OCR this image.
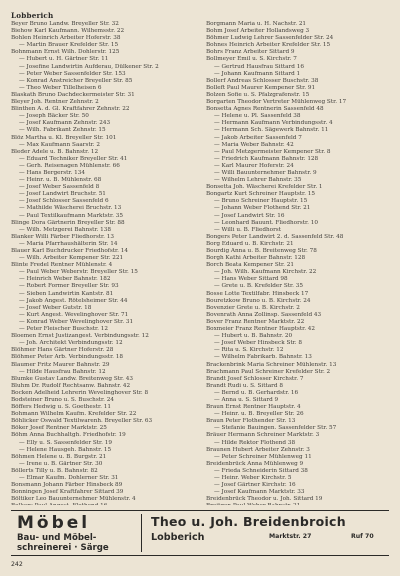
Lobberich
Beyer Bruno Landw. Breyeller Str. 32
Biehow Karl Kaufmann. Wilhemsstr. 22
Bohlen Heinrich Arbeiter Hoferstr. 38
— Martin Brauer Krefelder Str. 15
Bohnmann Ernst Wilh. Dohlerstr. 125
— Hubert u. H. Gärtner Str. 11
— Josefine Landwirtin Aufderau, Dülkener Str. 2
— Peter Weber Sassenfelder Str. 153
— Konrad Anstreicher Breyeller Str. 85
— Theo Weber Tillelheisen 6
Blaskath Bruno Dachdeckermeister Str. 31
Bleyer Joh. Rentner Zehnstr. 2
Blinthen A. d. Gl. Kraftfahrer Zehnstr. 22
— Joseph Bäcker Str. 50
— Josef Kaufmann Zehnstr. 243
— Wilh. Fabrikant Zehnstr. 15
Blöz Martha u. Kl. Breyeller Str. 101
— Max Kaufmann Saarstr. 2
Bleder Adele u. B. Bahnstr. 12
— Eduard Techniker Breyeller Str. 41
— Gerh. Reisenagen Mühlenstr. 66
— Hans Bergerstr. 134
— Heinr. u. B. Mühlenstr. 68
— Josef Weber Sassenfeld 8
— Josef Landwirt Bruchstr. 51
— Josef Schlosser Sassenfeld 6
— Mathilde Wäscherei Bruchstr. 13
— Paul Textilkaufmann Marktstr. 35
Blinge Dora Gärtnerin Breyeller Str. 88
— Wilh. Metzgerei Bahnstr. 138
Blanker Willi Färber Fliedhorstr. 13
— Maria Pfarrhaushälterin Str. 14
Blauer Karl Buchdrucker Friedhofstr. 14
— Wilh. Arbeiter Kempener Str. 221
Blinte Fredel Rentner Mühlenstr. 4
— Paul Weber Weberstr. Breyeller Str. 15
— Heinrich Weber Bahnstr. 182
— Robert Former Breyeller Str. 93
— Sieben Landwirtin Kantstr. 81
— Jakob Angest. Rötelsheimer Str. 44
— Josef Weber Gutstr. 18
— Kurt Angest. Wevelinghover Str. 71
— Konrad Weber Wevelinghover Str. 31
— Peter Fleischer Buschstr. 12
Bloemen Ernst Justizangest. Verbindungsstr. 12
— Joh. Architekt Verbindungsstr. 12
Blöhmer Hans Gärtner Hoferstr. 28
Blöhmer Peter Arb. Verbindungsstr. 18
Blaumer Fritz Maurer Bahnstr. 29
— Hilde Hausfrau Bahnstr. 12
Blumke Gustav Landw. Breitenweg Str. 43
Bluhm Dr. Rudolf Rechtsanw. Bahnstr. 42
Bocken Adelheid Lehrerin Wevelinghover Str. 8
Bodsteiner Bruno u. S. Buschstr. 24
Böffers Hedwig u. S. Goethestr. 11
Bohmann Wilhelm Kaufm. Krefelder Str. 22
Böhlicker Oswald Textilwarenh. Breyeller Str. 63
Böker Josef Rentner Marktstr. 25
Böhm Anna Buchhaltgh. Friedhofstr. 19
— Elly u. S. Sassenfelder Str. 19
— Helene Hausgeh. Bahnstr. 15
Böhmen Helene u. B. Burgstr. 21
— Irene u. B. Gärtner Str. 30
Böllerts Tilly u. B. Bahnstr. 82
— Elmar Kaufm. Dohlerner Str. 31
Bonsmann Johann Färber Hinsbeck 89
Bonningen Josef Kraftfahrer Sittard 39
Böltiker Leo Bauunternehmer Mühlenstr. 4
Borgmann Maria u. H. Nachstr. 21
Bohm Josef Arbeiter Hollandsweg 3
Böhmer Ludwig Lehrer Sassenfelder Str. 24
Bohnes Heinrich Arbeiter Krefelder Str. 15
Bohrs Franz Arbeiter Sittard 9
Bollmeyer Emil u. S. Kirchstr. 7
— Gertrud Hausfrau Sittard 16
— Johann Kaufmann Sittard 1
Bollerf Andreas Schlosser Buschstr. 38
Bolleft Paul Maurer Kempener Str. 91
Bolzen Sofie u. S. Pfalzgrafenstr. 15
Borgarten Theodor Vertreter Mühlenweg Str. 17
Bonsetta Agnes Rentnerin Sassenfeld 48
— Helene u. Pl. Sassenfeld 38
— Hermann Kaufmann Verbindungsstr. 4
— Hermann Sch. Sägewerk Bahnstr. 11
— Jakob Arbeiter Sassenfeld 7
— Maria Weber Bahnstr. 42
— Paul Metzgermeister Kempener Str. 8
— Friedrich Kaufmann Bahnstr. 128
— Karl Maurer Hoferstr. 24
— Willi Bauunternehmer Bahnstr. 9
— Wilhelm Lehrer Bahnstr. 35
Bonsetta Joh. Wäscherei Krefelder Str. 1
Bongartz Kurt Schreiner Hauptstr. 15
— Bruno Schreiner Hauptstr. 15
— Johann Weber Flothend Str. 21
— Josef Landwirt Str. 16
— Leonhard Bauunt. Fliedhorstr. 10
— Willi u. B. Fliedhorst
Bongers Peter Landwirt 2. d. Sassenfeld Str. 48
Borg Eduard u. B. Kirchstr. 21
Bourdig Anna u. B. Breitenweg Str. 78
Borgh Kathi Arbeiter Bahnstr. 128
Borch Beata Kempener Str. 21
— Joh. Wilh. Kaufmann Kirchstr. 22
— Hans Weber Sittard 98
— Grete u. B. Krefelder Str. 35
Bosse Lotte Textilfabr. Hinsbeck 17
Bouretzkow Bruno u. B. Kirchstr. 24
Bovenzier Grete u. B. Kirchstr. 2
Bovenrath Anna Zollinsp. Sassenfeld 43
Bover Franz Rentner Marktstr. 22
Boxmeier Franz Rentner Hauptstr. 42
— Hubert u. B. Bahnstr. 20
— Josef Weber Hinsbeck Str. 8
— Rita u. S. Kirchstr. 12
— Wilhelm Fabrikarb. Bahnstr. 13
Brackenbrink Maria Schreiner Mühlenstr. 13
Brachmann Paul Schreiner Krefelder Str. 2
Brandt Josef Schlosser Kirchstr. 7
Brandt Rudi u. S. Sittard 8
— Bernd u. B. Gerhardstr. 16
— Anna u. S. Sittard 9
Braun Ernst Rentner Hauptstr. 4
— Heinr. u. B. Breyeller Str. 26
Braun Peter Flothender Str. 13
— Stefanie Bauingen. Sassenfelder Str. 57
Bräuer Hermann Schreiner Marktstr. 3
— Hilde Rektor Flothend 38
Braunen Hubert Arbeiter Zehnstr. 3
— Peter Schreiner Mühlenweg 11
Breidenbrück Anna Mühlenweg 9
— Frieda Schneiderin Sittard 38
— Heinr. Weber Kirchstr. 5
— Josef Gärtner Kirchstr. 16
— Josef Kaufmann Marktstr. 33
Breidenbrück Theodor u. Joh. Sittard 19
Möbel
Bau- und Möbel-
schreinerei · Särge
Theo u. Joh. Breidenbroich
Lobberich	Marktstr. 27	Ruf 70
242
